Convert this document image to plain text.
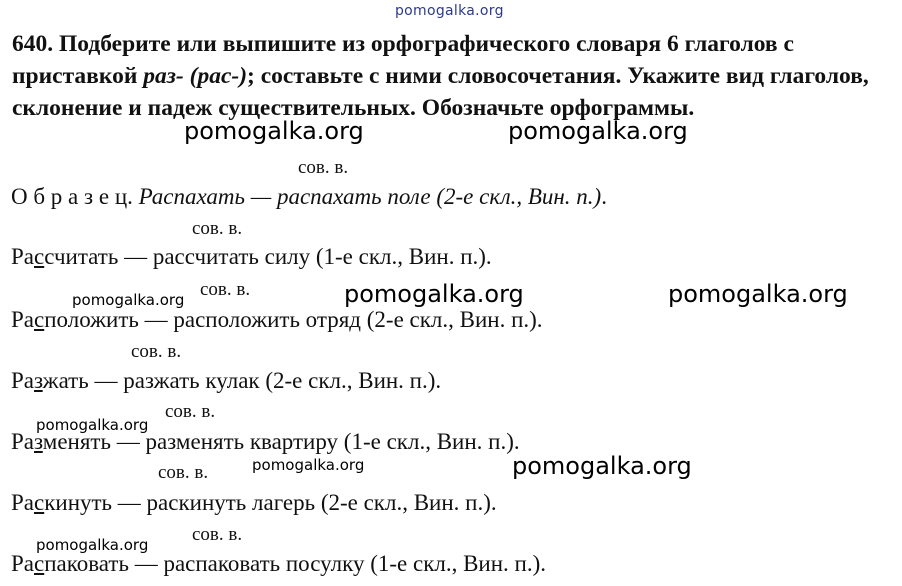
pomogalka.org
640. Подберите или выпишите из орфографического словаря 6 глаголов с приставкой раз- (рас-); составьте с ними словосочетания. Укажите вид глаголов, склонение и падеж существительных. Обозначьте орфограммы.
pomogalka.org	pomogalka.org
сов. в.
О б р а з е ц. Распахать — распахать поле (2-е скл., Вин. п.).
сов. в.
Рассчитать — рассчитать силу (1-е скл., Вин. п.).
pomogalka.org сов. в.	pomogalka.org	pomogalka.org
Расположить — расположить отряд (2-е скл., Вин. п.).
сов. в.
Разжать — разжать кулак (2-е скл., Вин. п.).
pomogalka.org
сов. в.
Разменять — разменять квартиру (1-е скл., Вин. п.).
сов. в.	pomogalka.org	pomogalka.org
Раскинуть — раскинуть лагерь (2-е скл., Вин. п.).
сов. в.
pomogalka.org
Распаковать — распаковать посулку (1-е скл., Вин. п.).
